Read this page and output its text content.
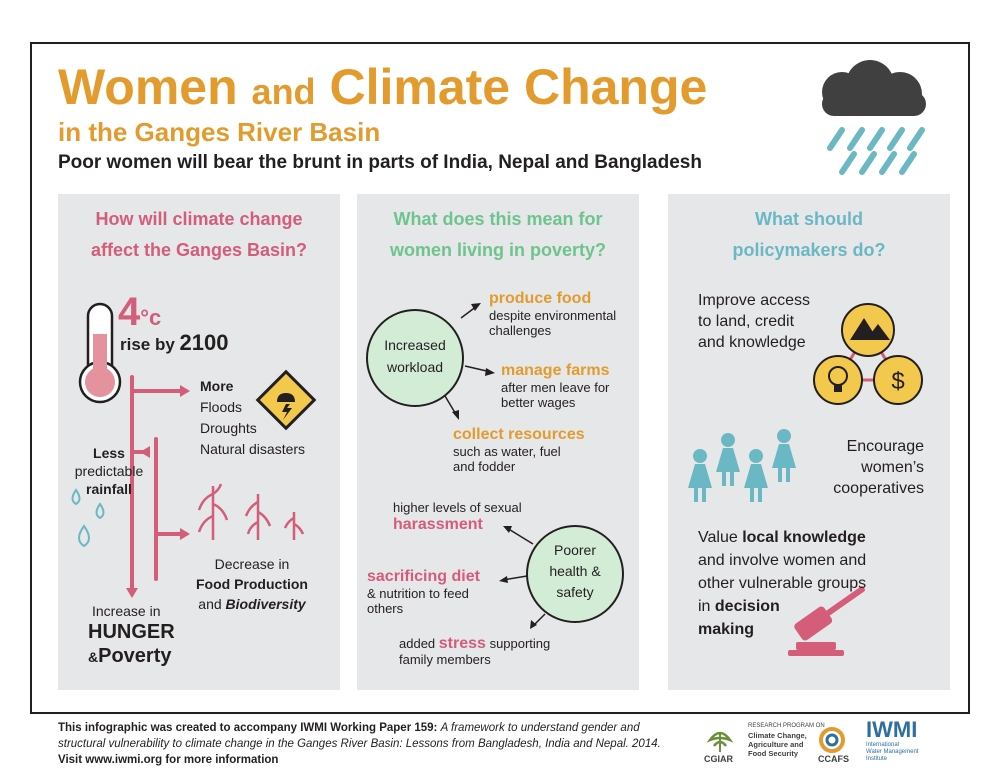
Women and Climate Change
in the Ganges River Basin
Poor women will bear the brunt in parts of India, Nepal and Bangladesh
How will climate change
affect the Ganges Basin?
4°c
rise by 2100
More
Floods
Droughts
Natural disasters
Less
predictable
rainfall
Decrease in
Food Production
and Biodiversity
Increase in
HUNGER
&Poverty
What does this mean for
women living in poverty?
Increased
workload
produce food
despite environmental
challenges
manage farms
after men leave for
better wages
collect resources
such as water, fuel
and fodder
Poorer
health &
safety
higher levels of sexual
harassment
sacrificing diet
& nutrition to feed
others
added stress supporting
family members
What should
policymakers do?
$
Improve access
to land, credit
and knowledge
Encourage
women’s
cooperatives
Value local knowledge
and involve women and
other vulnerable groups
in decision
making
This infographic was created to accompany IWMI Working Paper 159: A framework to understand gender and structural vulnerability to climate change in the Ganges River Basin: Lessons from Bangladesh, India and Nepal. 2014. Visit www.iwmi.org for more information	CGIAR
RESEARCH PROGRAM ON
Climate Change,
Agriculture and
Food Security
CCAFS
IWMI
International
Water Management
Institute
